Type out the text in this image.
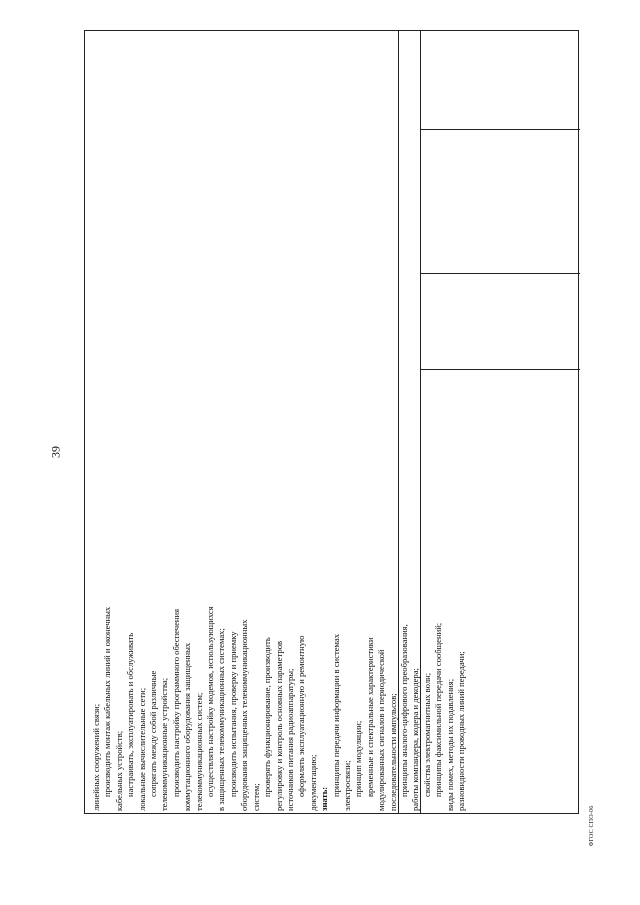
39
линейных сооружений связи; производить монтаж кабельных линий и оконечных кабельных устройств; настраивать, эксплуатировать и обслуживать локальные вычислительные сети; сопрягать между собой различные телекоммуникационные устройства; производить настройку программного обеспечения коммутационного оборудования защищенных телекоммуникационных систем; осуществлять настройку модемов, использующихся в защищенных телекоммуникационных системах; производить испытания, проверку и приемку оборудования защищенных телекоммуникационных систем;
проверять функционирование, производить регулировку и контроль основных параметров источников питания радиоаппаратуры; оформлять эксплуатационную и ремонтную документацию; знать:
принципы передачи информации в системах электросвязи; принцип модуляции; временные и спектральные характеристики модулированных сигналов и периодической последовательности импульсов; принципы аналого-цифрового преобразования, работы компандера, кодера и декодера; свойства электромагнитных волн; принципы факсимильной передачи сообщений; виды помех, методы их подавления; разновидности проводных линий передачи;
ФГОС СПО-06
